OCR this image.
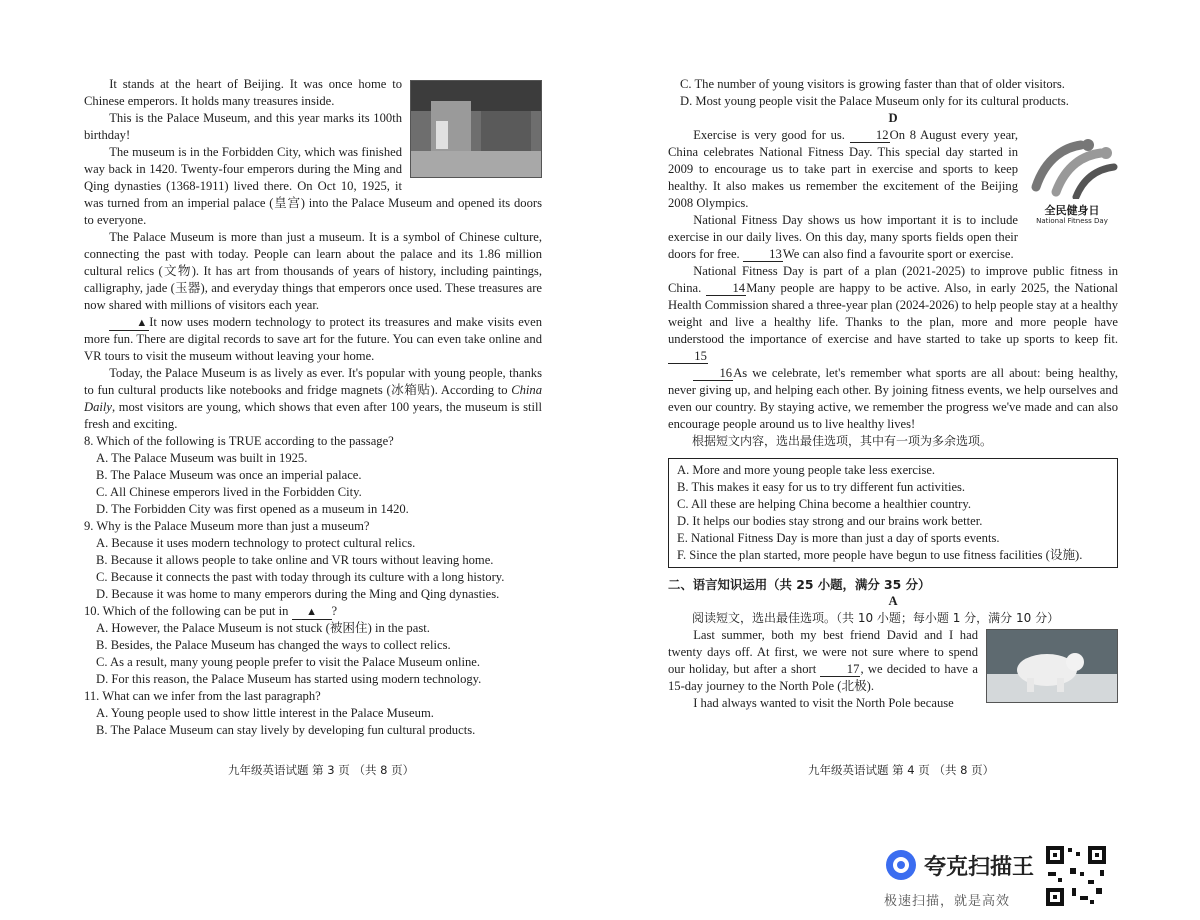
It stands at the heart of Beijing. It was once home to Chinese emperors. It holds many treasures inside.

This is the Palace Museum, and this year marks its 100th birthday!

The museum is in the Forbidden City, which was finished way back in 1420. Twenty-four emperors during the Ming and Qing dynasties (1368-1911) lived there. On Oct 10, 1925, it was turned from an imperial palace (皇宫) into the Palace Museum and opened its doors to everyone.

The Palace Museum is more than just a museum. It is a symbol of Chinese culture, connecting the past with today. People can learn about the palace and its 1.86 million cultural relics (文物). It has art from thousands of years of history, including paintings, calligraphy, jade (玉器), and everyday things that emperors once used. These treasures are now shared with millions of visitors each year.

▲ It now uses modern technology to protect its treasures and make visits even more fun. There are digital records to save art for the future. You can even take online and VR tours to visit the museum without leaving your home.

Today, the Palace Museum is as lively as ever. It's popular with young people, thanks to fun cultural products like notebooks and fridge magnets (冰箱贴). According to China Daily, most visitors are young, which shows that even after 100 years, the museum is still fresh and exciting.

8. Which of the following is TRUE according to the passage?

A. The Palace Museum was built in 1925.

B. The Palace Museum was once an imperial palace.

C. All Chinese emperors lived in the Forbidden City.

D. The Forbidden City was first opened as a museum in 1420.

9. Why is the Palace Museum more than just a museum?

A. Because it uses modern technology to protect cultural relics.

B. Because it allows people to take online and VR tours without leaving home.

C. Because it connects the past with today through its culture with a long history.

D. Because it was home to many emperors during the Ming and Qing dynasties.

10. Which of the following can be put in ▲ ?

A. However, the Palace Museum is not stuck (被困住) in the past.

B. Besides, the Palace Museum has changed the ways to collect relics.

C. As a result, many young people prefer to visit the Palace Museum online.

D. For this reason, the Palace Museum has started using modern technology.

11. What can we infer from the last paragraph?

A. Young people used to show little interest in the Palace Museum.

B. The Palace Museum can stay lively by developing fun cultural products.

九年级英语试题 第 3 页 （共 8 页）

C. The number of young visitors is growing faster than that of older visitors.

D. Most young people visit the Palace Museum only for its cultural products.

D

全民健身日
National Fitness Day

Exercise is very good for us. 12On 8 August every year, China celebrates National Fitness Day. This special day started in 2009 to encourage us to take part in exercise and sports to keep healthy. It also makes us remember the excitement of the Beijing 2008 Olympics.

National Fitness Day shows us how important it is to include exercise in our daily lives. On this day, many sports fields open their doors for free. 13We can also find a favourite sport or exercise.

National Fitness Day is part of a plan (2021-2025) to improve public fitness in China. 14Many people are happy to be active. Also, in early 2025, the National Health Commission shared a three-year plan (2024-2026) to help people stay at a healthy weight and live a healthy life. Thanks to the plan, more and more people have understood the importance of exercise and have started to take up sports to keep fit. 15

16As we celebrate, let's remember what sports are all about: being healthy, never giving up, and helping each other. By joining fitness events, we help ourselves and even our country. By staying active, we remember the progress we've made and can also encourage people around us to live healthy lives!

根据短文内容，选出最佳选项，其中有一项为多余选项。

A. More and more young people take less exercise.

B. This makes it easy for us to try different fun activities.

C. All these are helping China become a healthier country.

D. It helps our bodies stay strong and our brains work better.

E. National Fitness Day is more than just a day of sports events.

F. Since the plan started, more people have begun to use fitness facilities (设施).

二、语言知识运用（共 25 小题，满分 35 分）

A

阅读短文，选出最佳选项。（共 10 小题；每小题 1 分，满分 10 分）

Last summer, both my best friend David and I had twenty days off. At first, we were not sure where to spend our holiday, but after a short 17, we decided to have a 15-day journey to the North Pole (北极).

I had always wanted to visit the North Pole because

九年级英语试题 第 4 页 （共 8 页）
夸克扫描王
极速扫描，就是高效
